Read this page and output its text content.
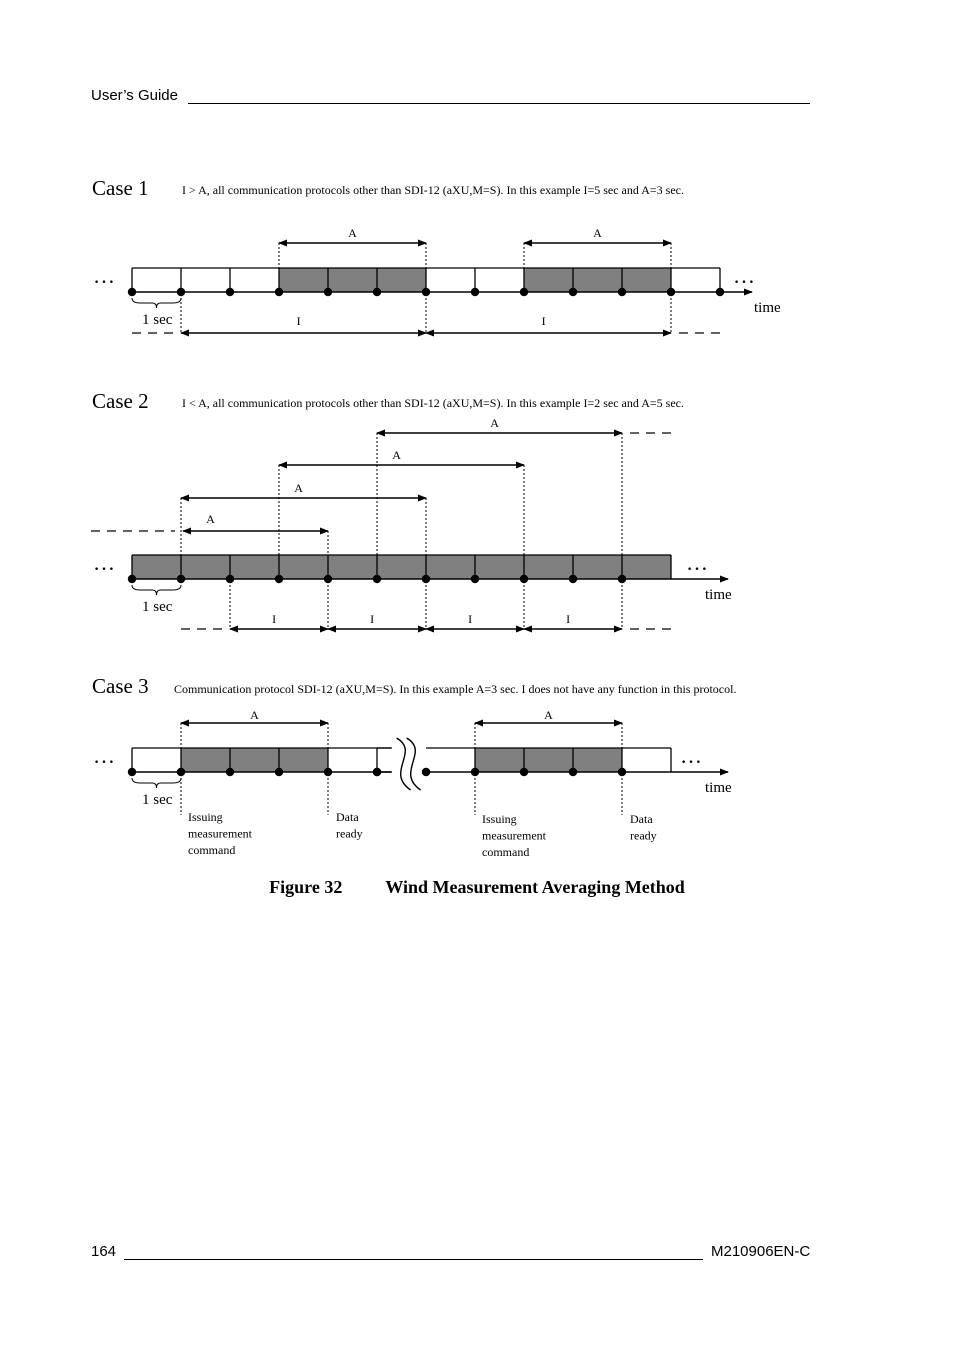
User’s Guide
Case 1	I > A, all communication protocols other than SDI-12 (aXU,M=S). In this example I=5 sec and A=3 sec.
Case 2	I < A, all communication protocols other than SDI-12 (aXU,M=S). In this example I=2 sec and A=5 sec.
Case 3 Communication protocol SDI-12 (aXU,M=S). In this example A=3 sec. I does not have any function in this protocol.
…	…
time
1 sec
A	A
I	I
…	…
time
1 sec
A
A
A
A
I	I	I	I
…	…
time
1 sec
A	A
Issuing
measurement
command
Data
ready
Issuing
measurement
command
Data
ready
Figure 32 Wind Measurement Averaging Method
164	M210906EN-C
